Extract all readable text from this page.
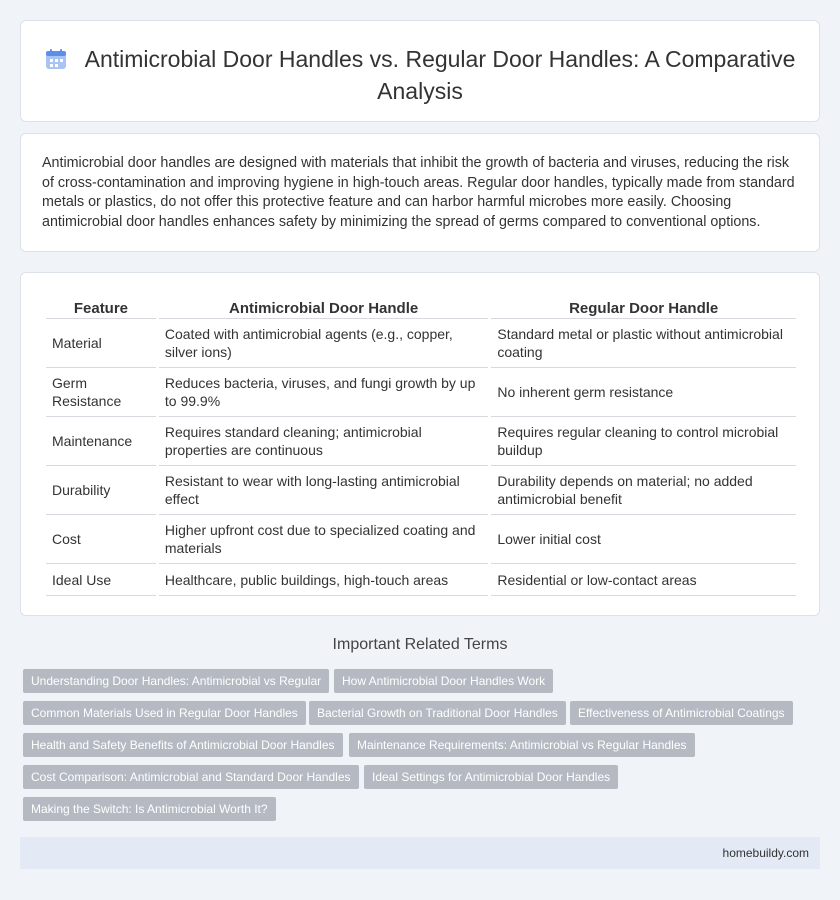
Antimicrobial Door Handles vs. Regular Door Handles: A Comparative Analysis

Antimicrobial door handles are designed with materials that inhibit the growth of bacteria and viruses, reducing the risk of cross-contamination and improving hygiene in high-touch areas. Regular door handles, typically made from standard metals or plastics, do not offer this protective feature and can harbor harmful microbes more easily. Choosing antimicrobial door handles enhances safety by minimizing the spread of germs compared to conventional options.

Feature	Antimicrobial Door Handle	Regular Door Handle
Material	Coated with antimicrobial agents (e.g., copper, silver ions)	Standard metal or plastic without antimicrobial coating
Germ Resistance	Reduces bacteria, viruses, and fungi growth by up to 99.9%	No inherent germ resistance
Maintenance	Requires standard cleaning; antimicrobial properties are continuous	Requires regular cleaning to control microbial buildup
Durability	Resistant to wear with long-lasting antimicrobial effect	Durability depends on material; no added antimicrobial benefit
Cost	Higher upfront cost due to specialized coating and materials	Lower initial cost
Ideal Use	Healthcare, public buildings, high-touch areas	Residential or low-contact areas
Important Related Terms
Understanding Door Handles: Antimicrobial vs Regular	How Antimicrobial Door Handles Work
Common Materials Used in Regular Door Handles	Bacterial Growth on Traditional Door Handles	Effectiveness of Antimicrobial Coatings
Health and Safety Benefits of Antimicrobial Door Handles	Maintenance Requirements: Antimicrobial vs Regular Handles
Cost Comparison: Antimicrobial and Standard Door Handles	Ideal Settings for Antimicrobial Door Handles
Making the Switch: Is Antimicrobial Worth It?
homebuildy.com
